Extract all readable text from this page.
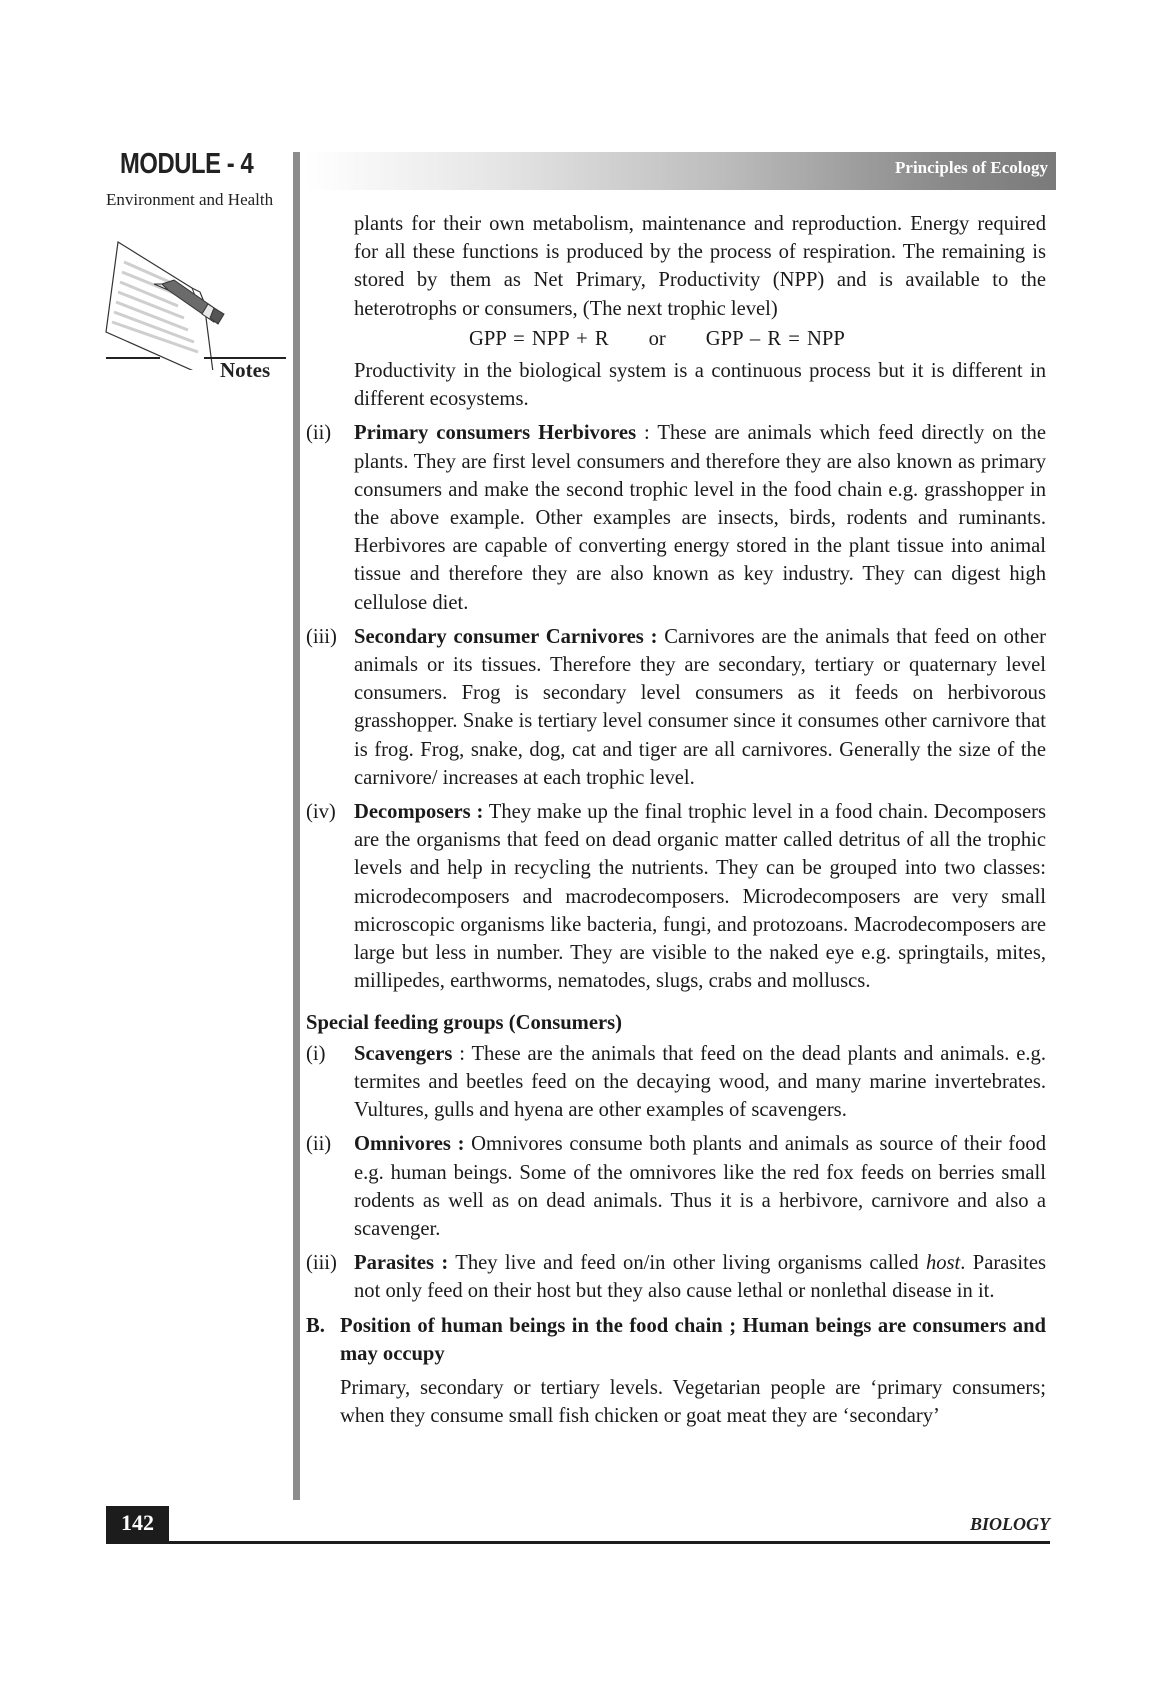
MODULE - 4
Environment and Health
Notes
Principles of Ecology

plants for their own metabolism, maintenance and reproduction. Energy required for all these functions is produced by the process of respiration. The remaining is stored by them as Net Primary, Productivity (NPP) and is available to the heterotrophs or consumers, (The next trophic level)

GPP = NPP + R or GPP – R = NPP

Productivity in the biological system is a continuous process but it is different in different ecosystems.

(ii) Primary consumers Herbivores : These are animals which feed directly on the plants. They are first level consumers and therefore they are also known as primary consumers and make the second trophic level in the food chain e.g. grasshopper in the above example. Other examples are insects, birds, rodents and ruminants. Herbivores are capable of converting energy stored in the plant tissue into animal tissue and therefore they are also known as key industry. They can digest high cellulose diet.
(iii) Secondary consumer Carnivores : Carnivores are the animals that feed on other animals or its tissues. Therefore they are secondary, tertiary or quaternary level consumers. Frog is secondary level consumers as it feeds on herbivorous grasshopper. Snake is tertiary level consumer since it consumes other carnivore that is frog. Frog, snake, dog, cat and tiger are all carnivores. Generally the size of the carnivore/ increases at each trophic level.
(iv) Decomposers : They make up the final trophic level in a food chain. Decomposers are the organisms that feed on dead organic matter called detritus of all the trophic levels and help in recycling the nutrients. They can be grouped into two classes: microdecomposers and macrodecomposers. Microdecomposers are very small microscopic organisms like bacteria, fungi, and protozoans. Macrodecomposers are large but less in number. They are visible to the naked eye e.g. springtails, mites, millipedes, earthworms, nematodes, slugs, crabs and molluscs.

Special feeding groups (Consumers)

(i) Scavengers : These are the animals that feed on the dead plants and animals. e.g. termites and beetles feed on the decaying wood, and many marine invertebrates. Vultures, gulls and hyena are other examples of scavengers.
(ii) Omnivores : Omnivores consume both plants and animals as source of their food e.g. human beings. Some of the omnivores like the red fox feeds on berries small rodents as well as on dead animals. Thus it is a herbivore, carnivore and also a scavenger.
(iii) Parasites : They live and feed on/in other living organisms called host. Parasites not only feed on their host but they also cause lethal or nonlethal disease in it.
B. Position of human beings in the food chain ; Human beings are consumers and may occupy

Primary, secondary or tertiary levels. Vegetarian people are ‘primary consumers; when they consume small fish chicken or goat meat they are ‘secondary’

142	BIOLOGY
